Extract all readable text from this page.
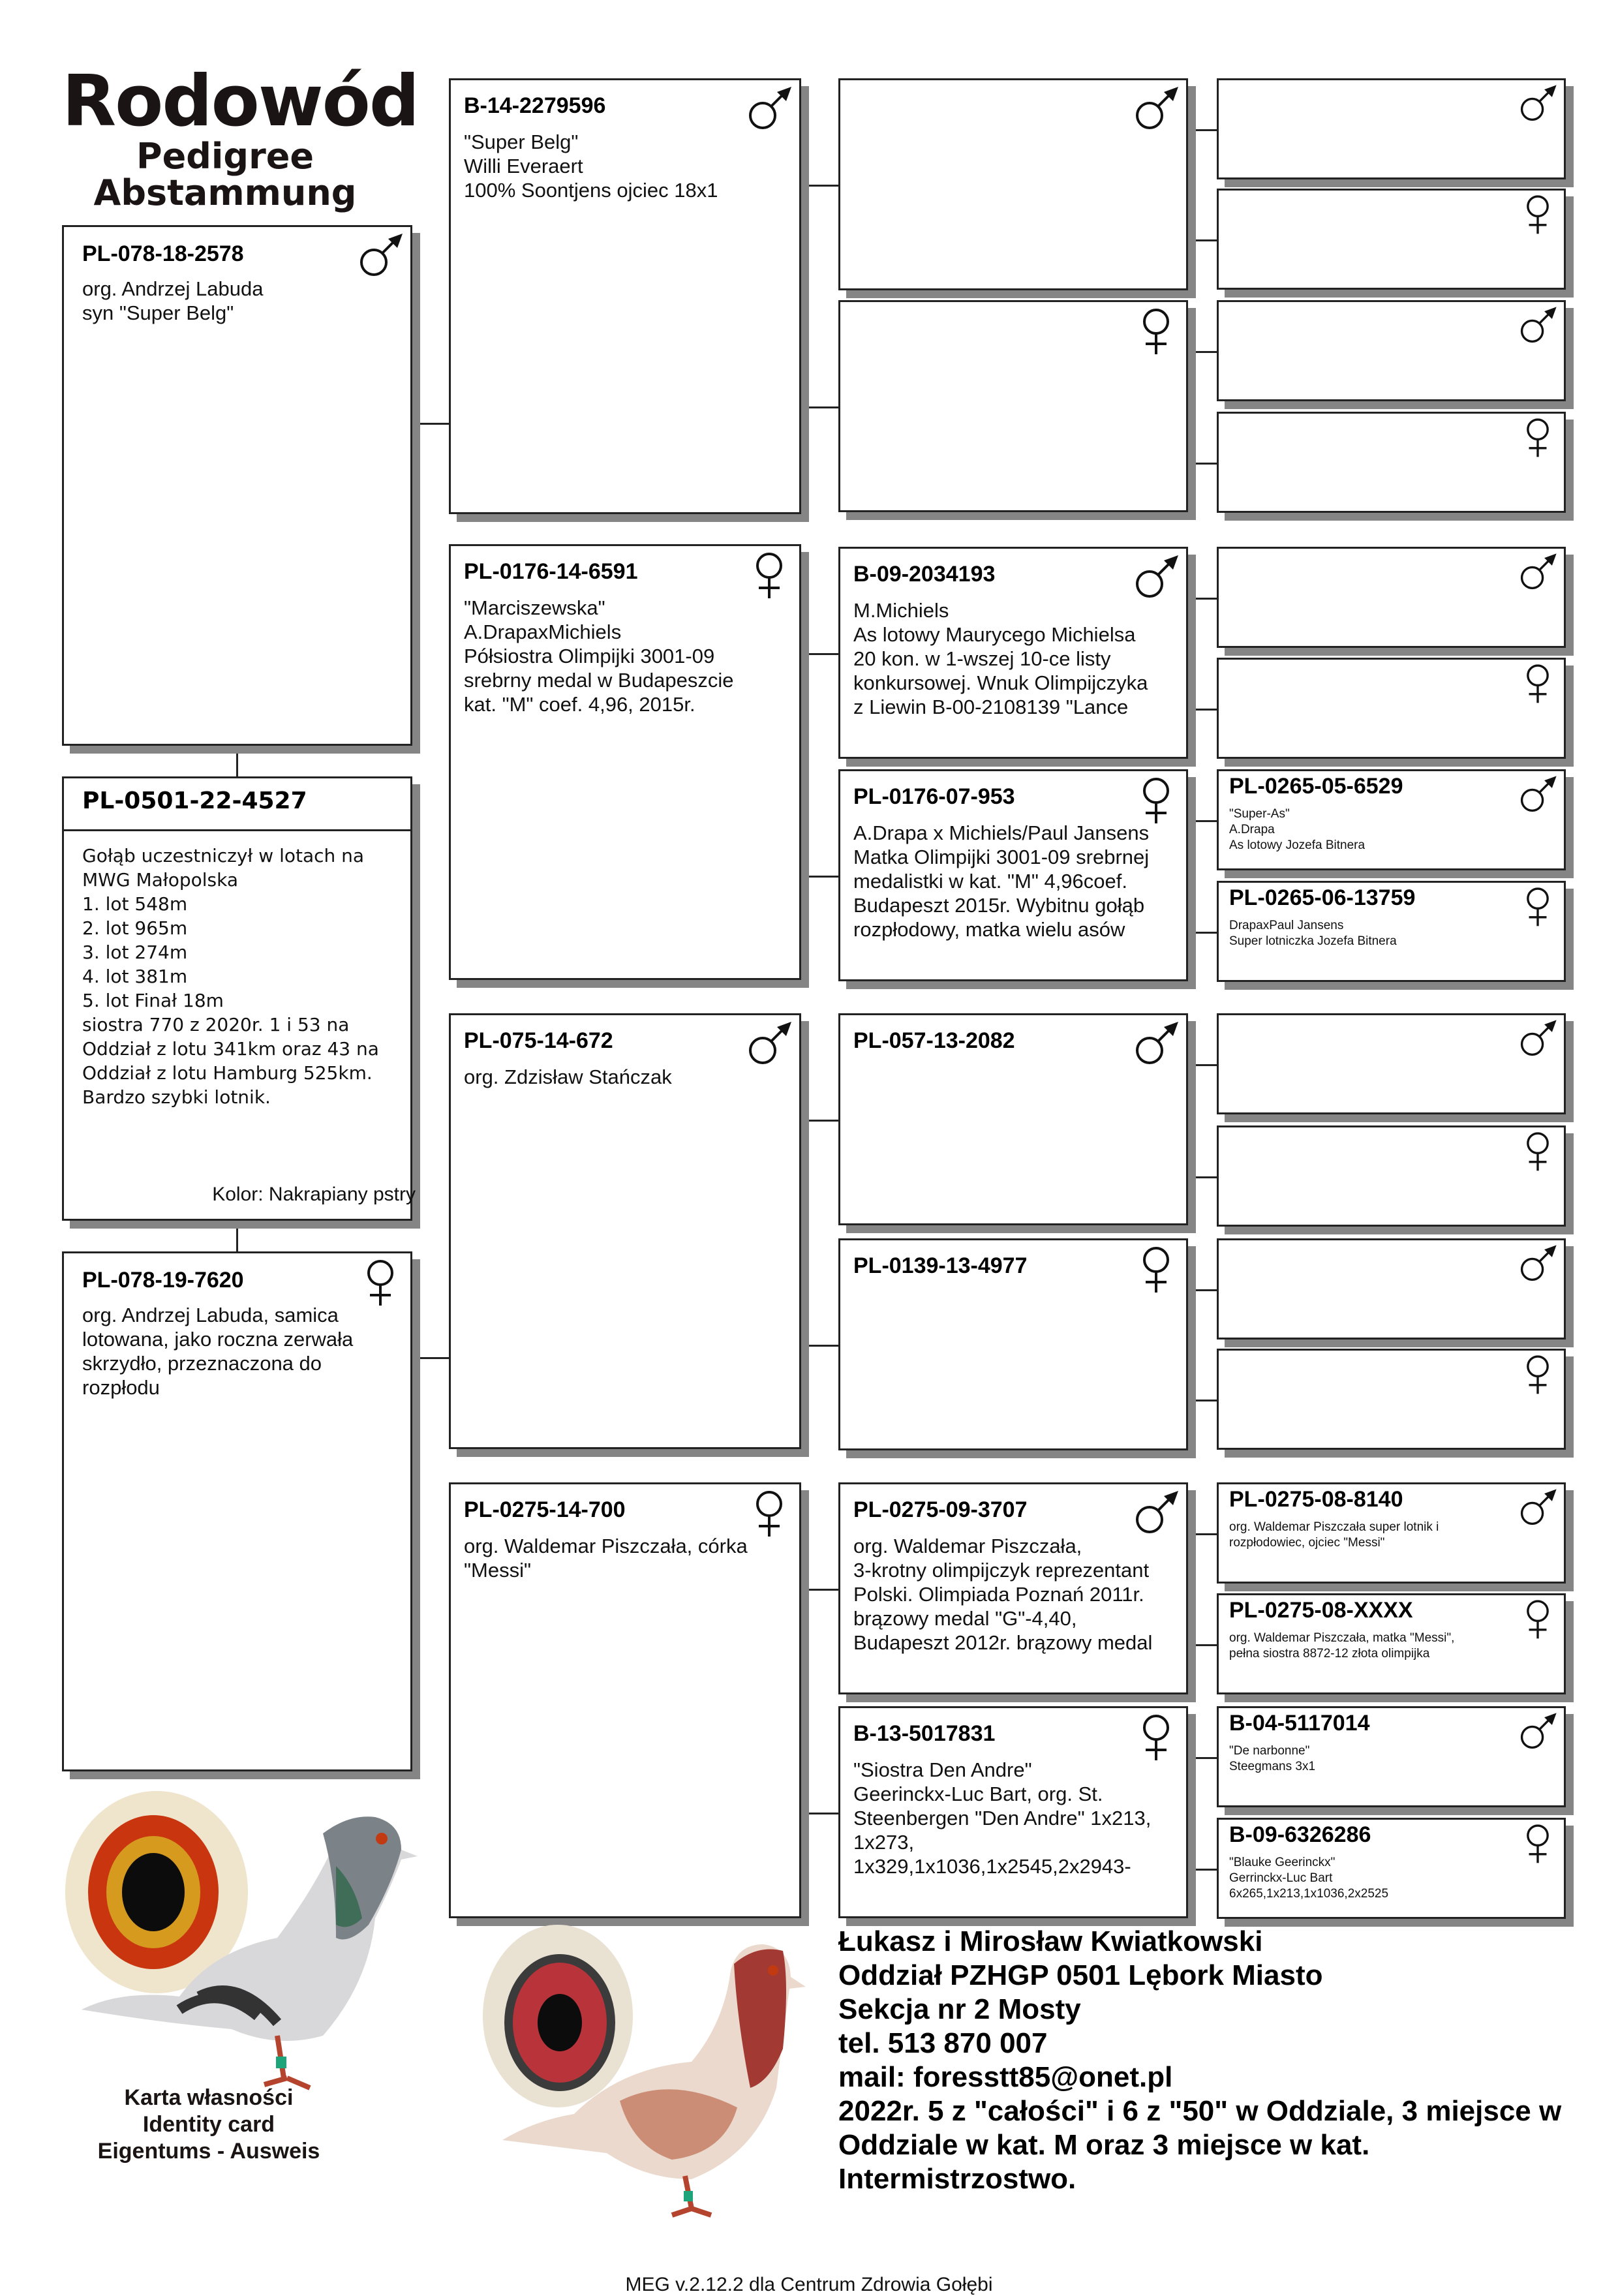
Rodowód
Pedigree
Abstammung
PL-078-18-2578
org. Andrzej Labuda
syn "Super Belg"
PL-0501-22-4527
Gołąb uczestniczył w lotach na
MWG Małopolska
1. lot 548m
2. lot 965m
3. lot 274m
4. lot 381m
5. lot Finał 18m
siostra 770 z 2020r. 1 i 53 na
Oddział z lotu 341km oraz 43 na
Oddział z lotu Hamburg 525km.
Bardzo szybki lotnik.
Kolor: Nakrapiany pstry
PL-078-19-7620
org. Andrzej Labuda, samica
lotowana, jako roczna zerwała
skrzydło, przeznaczona do
rozpłodu
B-14-2279596
"Super Belg"
Willi Everaert
100% Soontjens ojciec 18x1
PL-0176-14-6591
"Marciszewska"
A.DrapaxMichiels
Półsiostra Olimpijki 3001-09
srebrny medal w Budapeszcie
kat. "M" coef. 4,96, 2015r.
PL-075-14-672
org. Zdzisław Stańczak
PL-0275-14-700
org. Waldemar Piszczała, córka
"Messi"
B-09-2034193
M.Michiels
As lotowy Maurycego Michielsa
20 kon. w 1-wszej 10-ce listy
konkursowej. Wnuk Olimpijczyka
z Liewin B-00-2108139 "Lance
PL-0176-07-953
A.Drapa x Michiels/Paul Jansens
Matka Olimpijki 3001-09 srebrnej
medalistki w kat. "M" 4,96coef.
Budapeszt 2015r. Wybitnu gołąb
rozpłodowy, matka wielu asów
PL-057-13-2082
PL-0139-13-4977
PL-0275-09-3707
org. Waldemar Piszczała,
3-krotny olimpijczyk reprezentant
Polski. Olimpiada Poznań 2011r.
brązowy medal "G"-4,40,
Budapeszt 2012r. brązowy medal
B-13-5017831
"Siostra Den Andre"
Geerinckx-Luc Bart, org. St.
Steenbergen "Den Andre" 1x213,
1x273,
1x329,1x1036,1x2545,2x2943-
PL-0265-05-6529
"Super-As"
A.Drapa
As lotowy Jozefa Bitnera
PL-0265-06-13759
DrapaxPaul Jansens
Super lotniczka Jozefa Bitnera
PL-0275-08-8140
org. Waldemar Piszczała super lotnik i
rozpłodowiec, ojciec "Messi"
PL-0275-08-XXXX
org. Waldemar Piszczała, matka "Messi",
pełna siostra 8872-12 złota olimpijka
B-04-5117014
"De narbonne"
Steegmans 3x1
B-09-6326286
"Blauke Geerinckx"
Gerrinckx-Luc Bart
6x265,1x213,1x1036,2x2525
Karta własności
Identity card
Eigentums - Ausweis
Łukasz i Mirosław Kwiatkowski
Oddział PZHGP 0501 Lębork Miasto
Sekcja nr 2 Mosty
tel. 513 870 007
mail: foresstt85@onet.pl
2022r. 5 z "całości" i 6 z "50" w Oddziale, 3 miejsce w Oddziale w kat. M oraz 3 miejsce w kat. Intermistrzostwo.
MEG v.2.12.2 dla Centrum Zdrowia Gołębi
